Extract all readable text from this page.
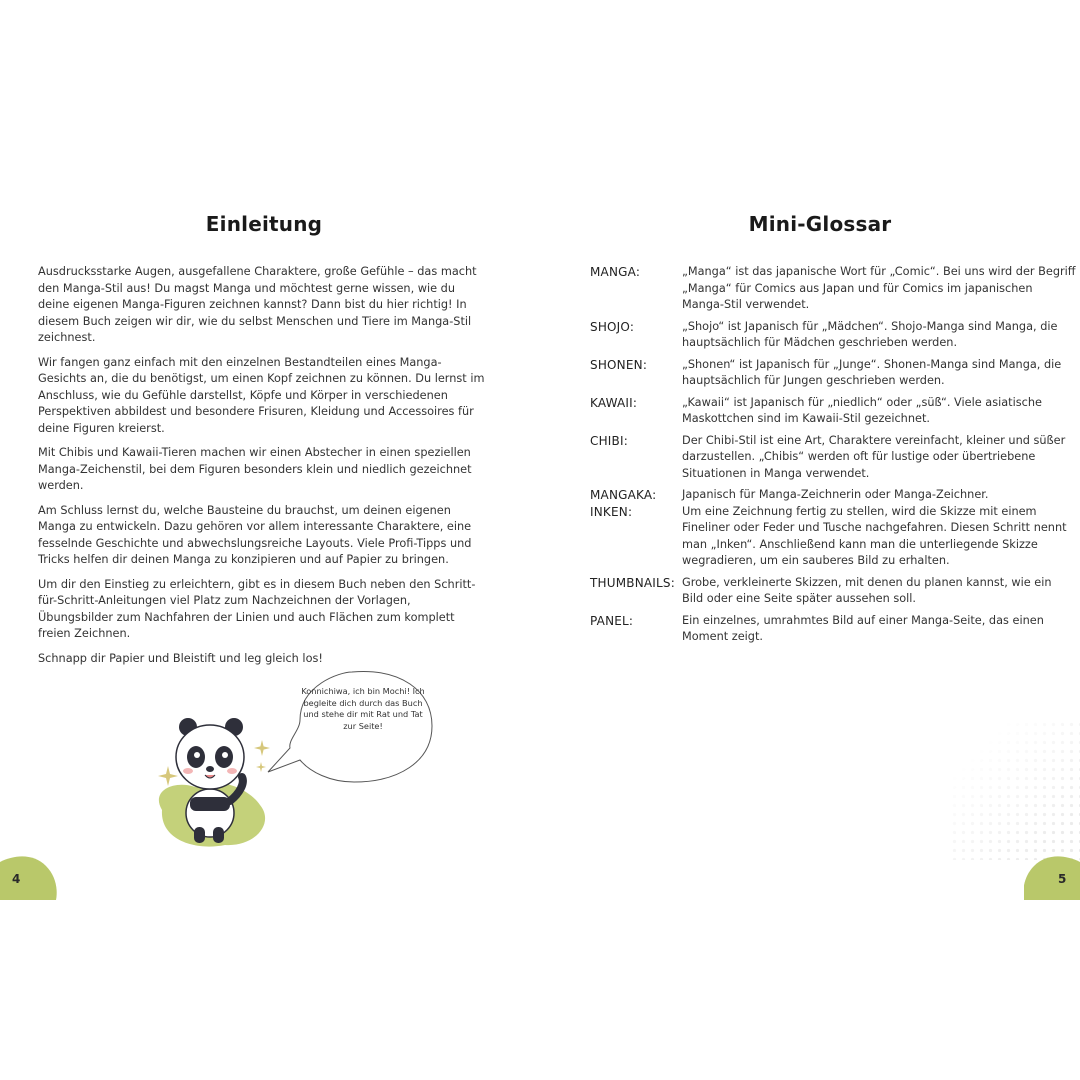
Einleitung

Ausdrucksstarke Augen, ausgefallene Charaktere, große Gefühle – das macht den Manga-Stil aus! Du magst Manga und möchtest gerne wissen, wie du deine eigenen Manga-Figuren zeichnen kannst? Dann bist du hier richtig! In diesem Buch zeigen wir dir, wie du selbst Menschen und Tiere im Manga-Stil zeichnest.

Wir fangen ganz einfach mit den einzelnen Bestandteilen eines Manga-Gesichts an, die du benötigst, um einen Kopf zeichnen zu können. Du lernst im Anschluss, wie du Gefühle darstellst, Köpfe und Körper in verschiedenen Perspektiven abbildest und besondere Frisuren, Kleidung und Accessoires für deine Figuren kreierst.

Mit Chibis und Kawaii-Tieren machen wir einen Abstecher in einen speziellen Manga-Zeichenstil, bei dem Figuren besonders klein und niedlich gezeichnet werden.

Am Schluss lernst du, welche Bausteine du brauchst, um deinen eigenen Manga zu entwickeln. Dazu gehören vor allem interessante Charaktere, eine fesselnde Geschichte und abwechslungsreiche Layouts. Viele Profi-Tipps und Tricks helfen dir deinen Manga zu konzipieren und auf Papier zu bringen.

Um dir den Einstieg zu erleichtern, gibt es in diesem Buch neben den Schritt-für-Schritt-Anleitungen viel Platz zum Nachzeichnen der Vorlagen, Übungsbilder zum Nachfahren der Linien und auch Flächen zum komplett freien Zeichnen.

Schnapp dir Papier und Bleistift und leg gleich los!

Konnichiwa, ich bin Mochi! Ich begleite dich durch das Buch und stehe dir mit Rat und Tat zur Seite!
4
Mini-Glossar
MANGA:	„Manga“ ist das japanische Wort für „Comic“. Bei uns wird der Begriff „Manga“ für Comics aus Japan und für Comics im japanischen Manga-Stil verwendet.
SHOJO:	„Shojo“ ist Japanisch für „Mädchen“. Shojo-Manga sind Manga, die hauptsächlich für Mädchen geschrieben werden.
SHONEN:	„Shonen“ ist Japanisch für „Junge“. Shonen-Manga sind Manga, die hauptsächlich für Jungen geschrieben werden.
KAWAII:	„Kawaii“ ist Japanisch für „niedlich“ oder „süß“. Viele asiatische Maskottchen sind im Kawaii-Stil gezeichnet.
CHIBI:	Der Chibi-Stil ist eine Art, Charaktere vereinfacht, kleiner und süßer darzustellen. „Chibis“ werden oft für lustige oder übertriebene Situationen in Manga verwendet.
MANGAKA:	Japanisch für Manga-Zeichnerin oder Manga-Zeichner.
INKEN:	Um eine Zeichnung fertig zu stellen, wird die Skizze mit einem Fineliner oder Feder und Tusche nachgefahren. Diesen Schritt nennt man „Inken“. Anschließend kann man die unterliegende Skizze wegradieren, um ein sauberes Bild zu erhalten.
THUMBNAILS: Grobe, verkleinerte Skizzen, mit denen du planen kannst, wie ein Bild oder eine Seite später aussehen soll.
PANEL:	Ein einzelnes, umrahmtes Bild auf einer Manga-Seite, das einen Moment zeigt.
5
